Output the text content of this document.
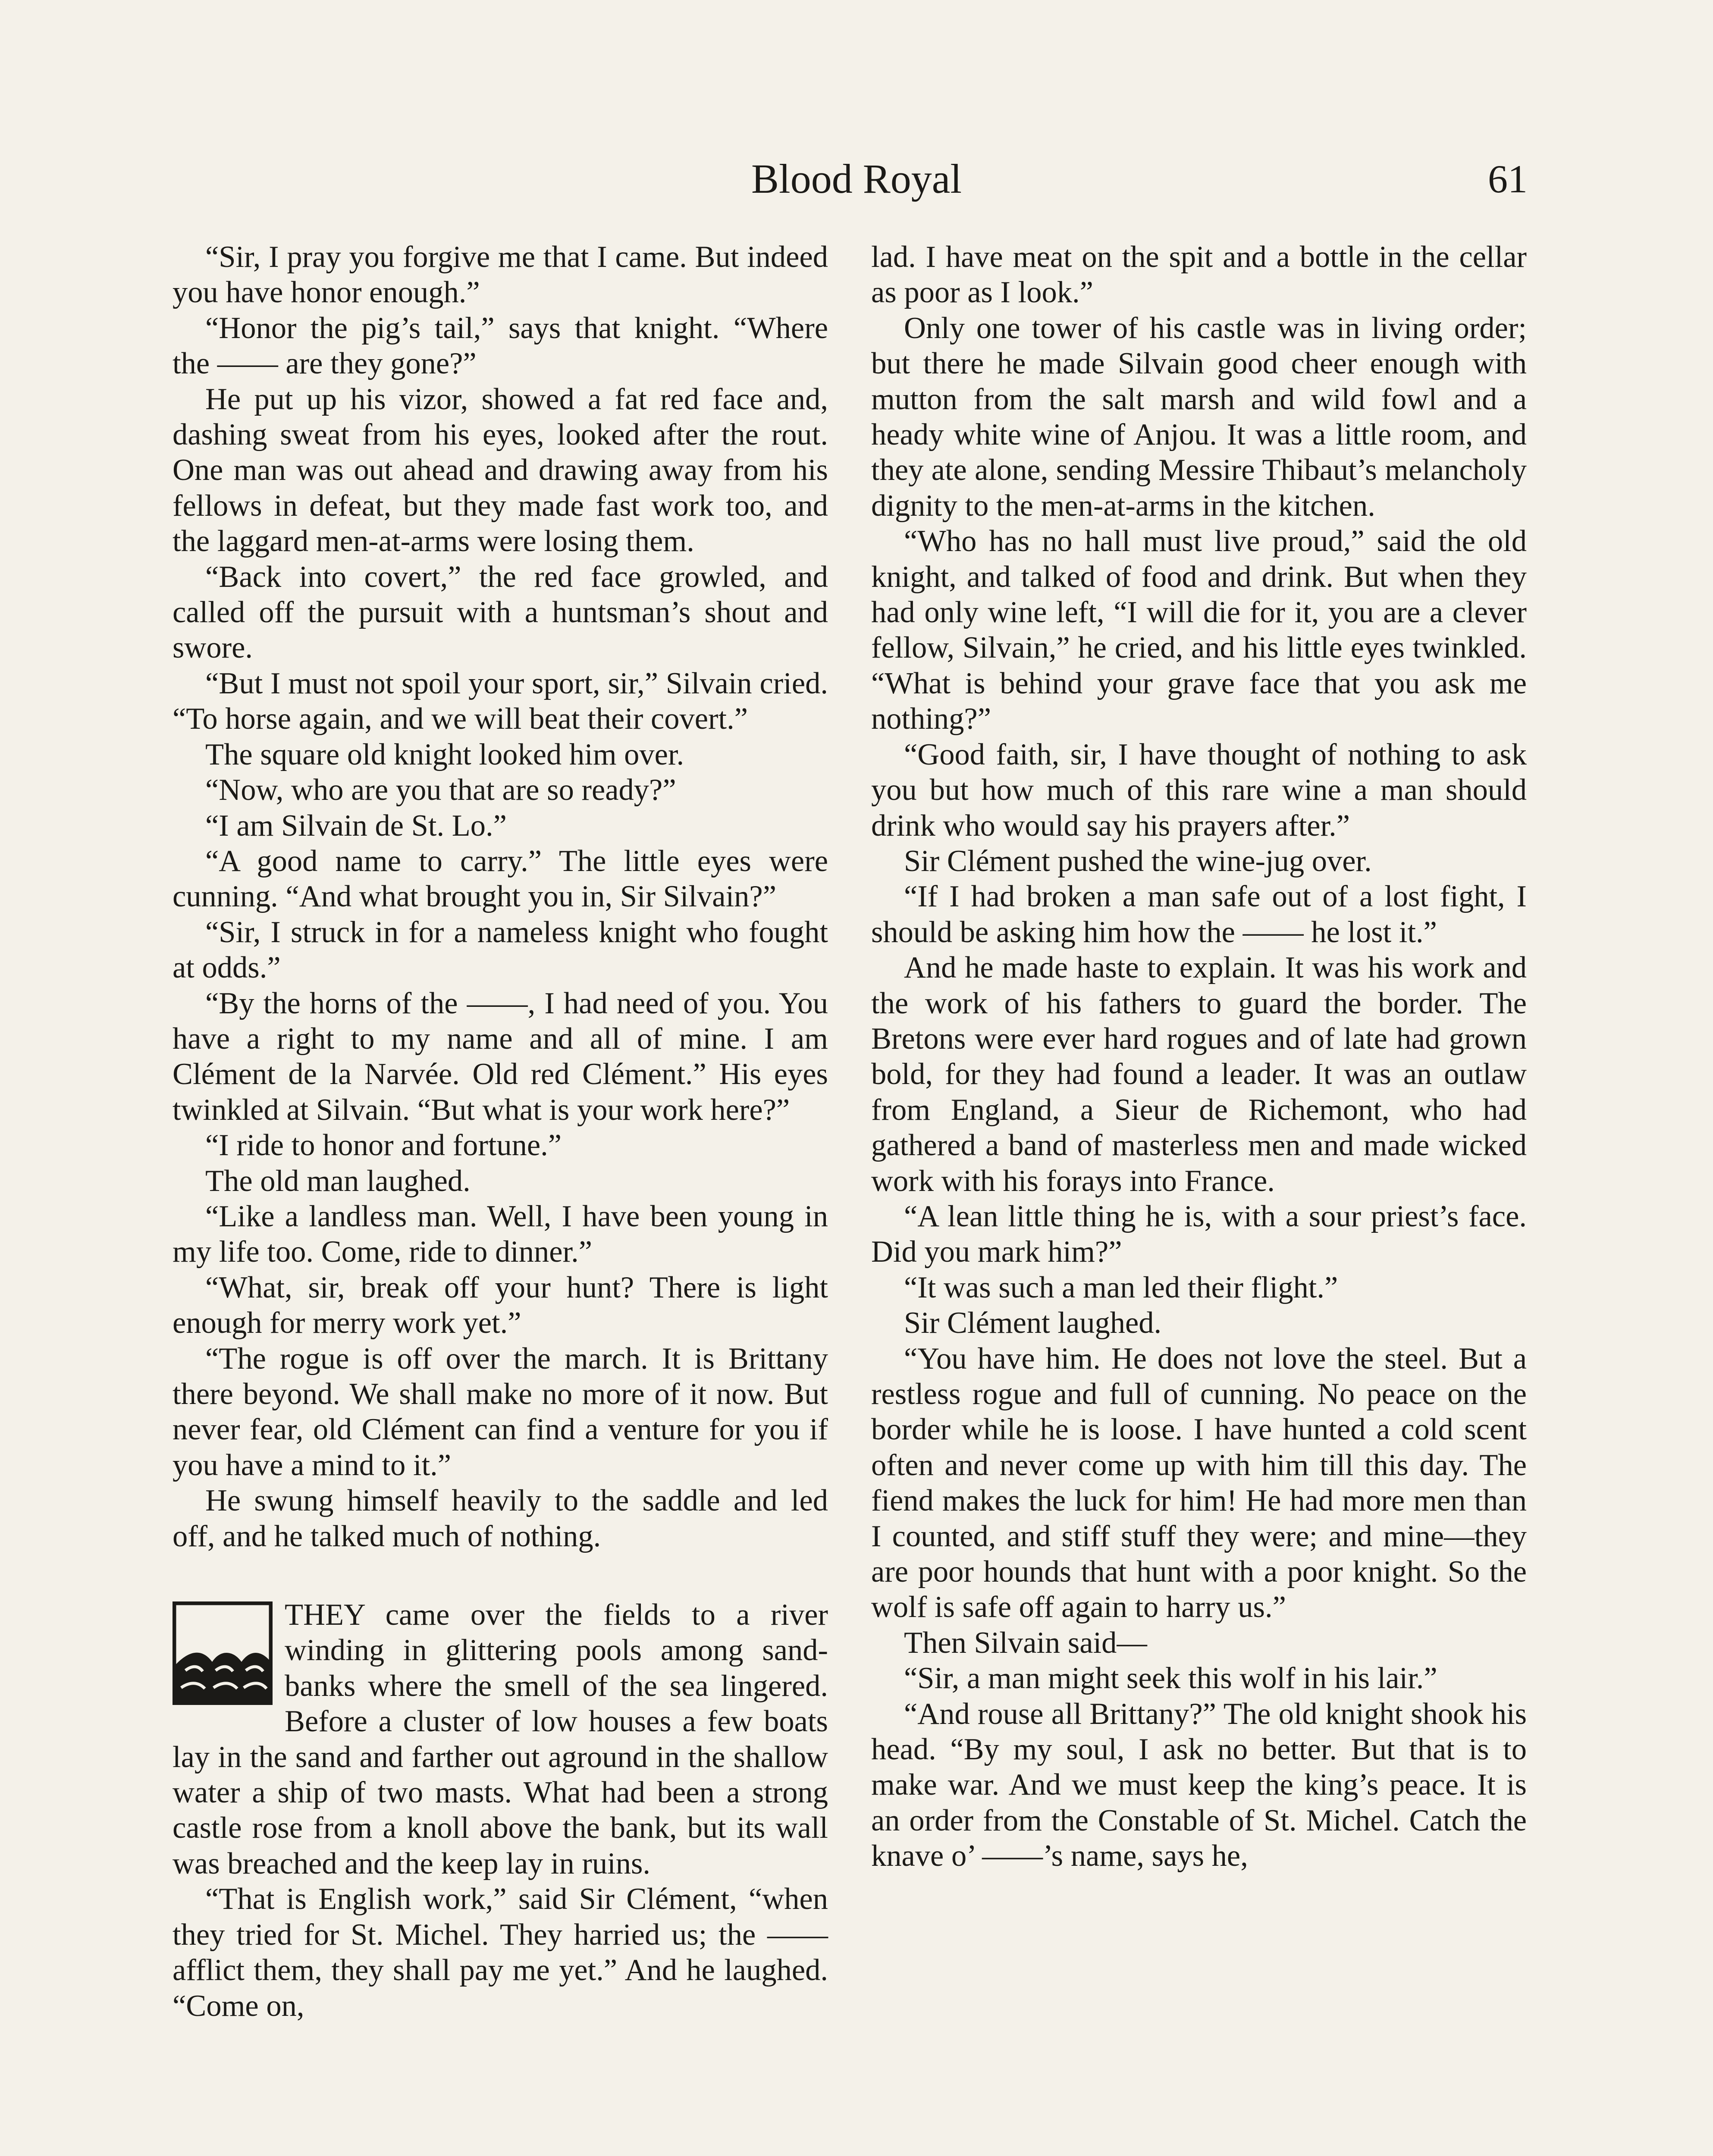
Blood Royal	61

“Sir, I pray you forgive me that I came. But indeed you have honor enough.”

“Honor the pig’s tail,” says that knight. “Where the —— are they gone?”

He put up his vizor, showed a fat red face and, dashing sweat from his eyes, looked after the rout. One man was out ahead and drawing away from his fellows in defeat, but they made fast work too, and the laggard men-at-arms were losing them.

“Back into covert,” the red face growled, and called off the pursuit with a huntsman’s shout and swore.

“But I must not spoil your sport, sir,” Silvain cried. “To horse again, and we will beat their covert.”

The square old knight looked him over.

“Now, who are you that are so ready?”

“I am Silvain de St. Lo.”

“A good name to carry.” The little eyes were cunning. “And what brought you in, Sir Silvain?”

“Sir, I struck in for a nameless knight who fought at odds.”

“By the horns of the ——, I had need of you. You have a right to my name and all of mine. I am Clément de la Narvée. Old red Clément.” His eyes twinkled at Silvain. “But what is your work here?”

“I ride to honor and fortune.”

The old man laughed.

“Like a landless man. Well, I have been young in my life too. Come, ride to dinner.”

“What, sir, break off your hunt? There is light enough for merry work yet.”

“The rogue is off over the march. It is Brittany there beyond. We shall make no more of it now. But never fear, old Clément can find a venture for you if you have a mind to it.”

He swung himself heavily to the saddle and led off, and he talked much of nothing.

THEY came over the fields to a river winding in glittering pools among sand-banks where the smell of the sea lingered. Before a cluster of low houses a few boats lay in the sand and farther out aground in the shallow water a ship of two masts. What had been a strong castle rose from a knoll above the bank, but its wall was breached and the keep lay in ruins.

“That is English work,” said Sir Clément, “when they tried for St. Michel. They harried us; the —— afflict them, they shall pay me yet.” And he laughed. “Come on,

lad. I have meat on the spit and a bottle in the cellar as poor as I look.”

Only one tower of his castle was in living order; but there he made Silvain good cheer enough with mutton from the salt marsh and wild fowl and a heady white wine of Anjou. It was a little room, and they ate alone, sending Messire Thibaut’s melancholy dignity to the men-at-arms in the kitchen.

“Who has no hall must live proud,” said the old knight, and talked of food and drink. But when they had only wine left, “I will die for it, you are a clever fellow, Silvain,” he cried, and his little eyes twinkled. “What is behind your grave face that you ask me nothing?”

“Good faith, sir, I have thought of nothing to ask you but how much of this rare wine a man should drink who would say his prayers after.”

Sir Clément pushed the wine-jug over.

“If I had broken a man safe out of a lost fight, I should be asking him how the —— he lost it.”

And he made haste to explain. It was his work and the work of his fathers to guard the border. The Bretons were ever hard rogues and of late had grown bold, for they had found a leader. It was an outlaw from England, a Sieur de Richemont, who had gathered a band of masterless men and made wicked work with his forays into France.

“A lean little thing he is, with a sour priest’s face. Did you mark him?”

“It was such a man led their flight.”

Sir Clément laughed.

“You have him. He does not love the steel. But a restless rogue and full of cunning. No peace on the border while he is loose. I have hunted a cold scent often and never come up with him till this day. The fiend makes the luck for him! He had more men than I counted, and stiff stuff they were; and mine—they are poor hounds that hunt with a poor knight. So the wolf is safe off again to harry us.”

Then Silvain said—

“Sir, a man might seek this wolf in his lair.”

“And rouse all Brittany?” The old knight shook his head. “By my soul, I ask no better. But that is to make war. And we must keep the king’s peace. It is an order from the Constable of St. Michel. Catch the knave o’ ——’s name, says he,
